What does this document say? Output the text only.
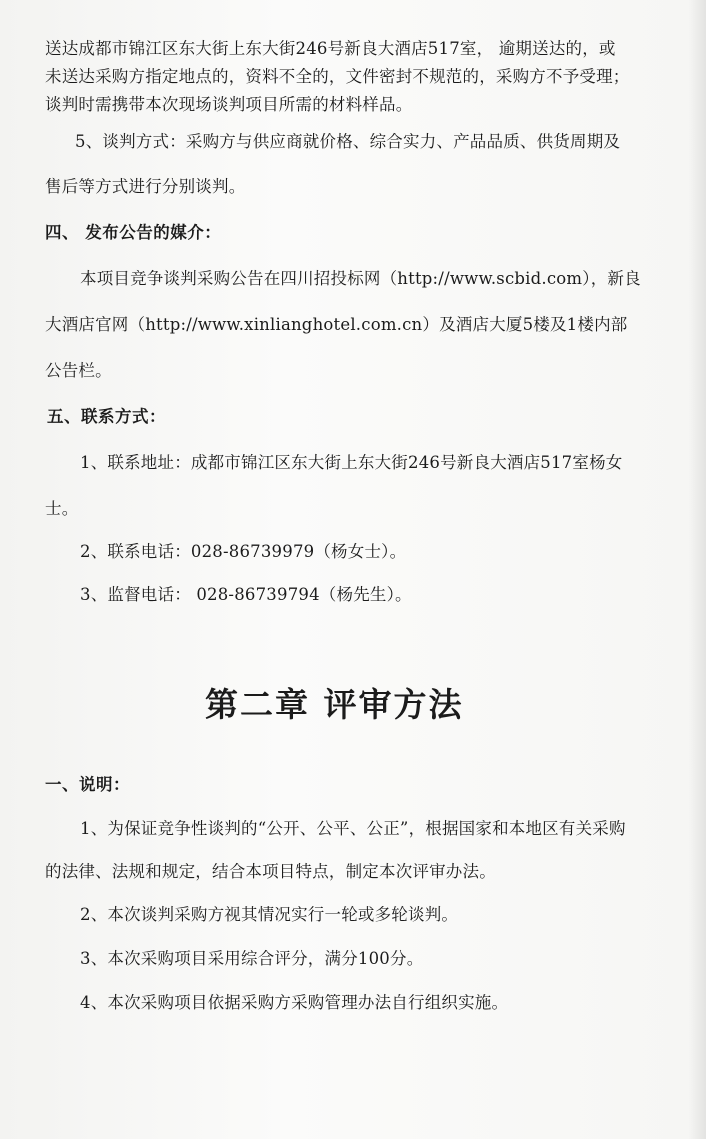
送达成都市锦江区东大街上东大街246号新良大酒店517室， 逾期送达的，或
未送达采购方指定地点的，资料不全的，文件密封不规范的，采购方不予受理；
谈判时需携带本次现场谈判项目所需的材料样品。
5、谈判方式：采购方与供应商就价格、综合实力、产品品质、供货周期及
售后等方式进行分别谈判。
四、 发布公告的媒介：
本项目竞争谈判采购公告在四川招投标网（http://www.scbid.com），新良
大酒店官网（http://www.xinlianghotel.com.cn）及酒店大厦5楼及1楼内部
公告栏。
五、联系方式：
1、联系地址：成都市锦江区东大街上东大街246号新良大酒店517室杨女
士。
2、联系电话：028-86739979（杨女士）。
3、监督电话： 028-86739794（杨先生）。
第二章 评审方法
一、说明：
1、为保证竞争性谈判的“公开、公平、公正”，根据国家和本地区有关采购
的法律、法规和规定，结合本项目特点，制定本次评审办法。
2、本次谈判采购方视其情况实行一轮或多轮谈判。
3、本次采购项目采用综合评分，满分100分。
4、本次采购项目依据采购方采购管理办法自行组织实施。
